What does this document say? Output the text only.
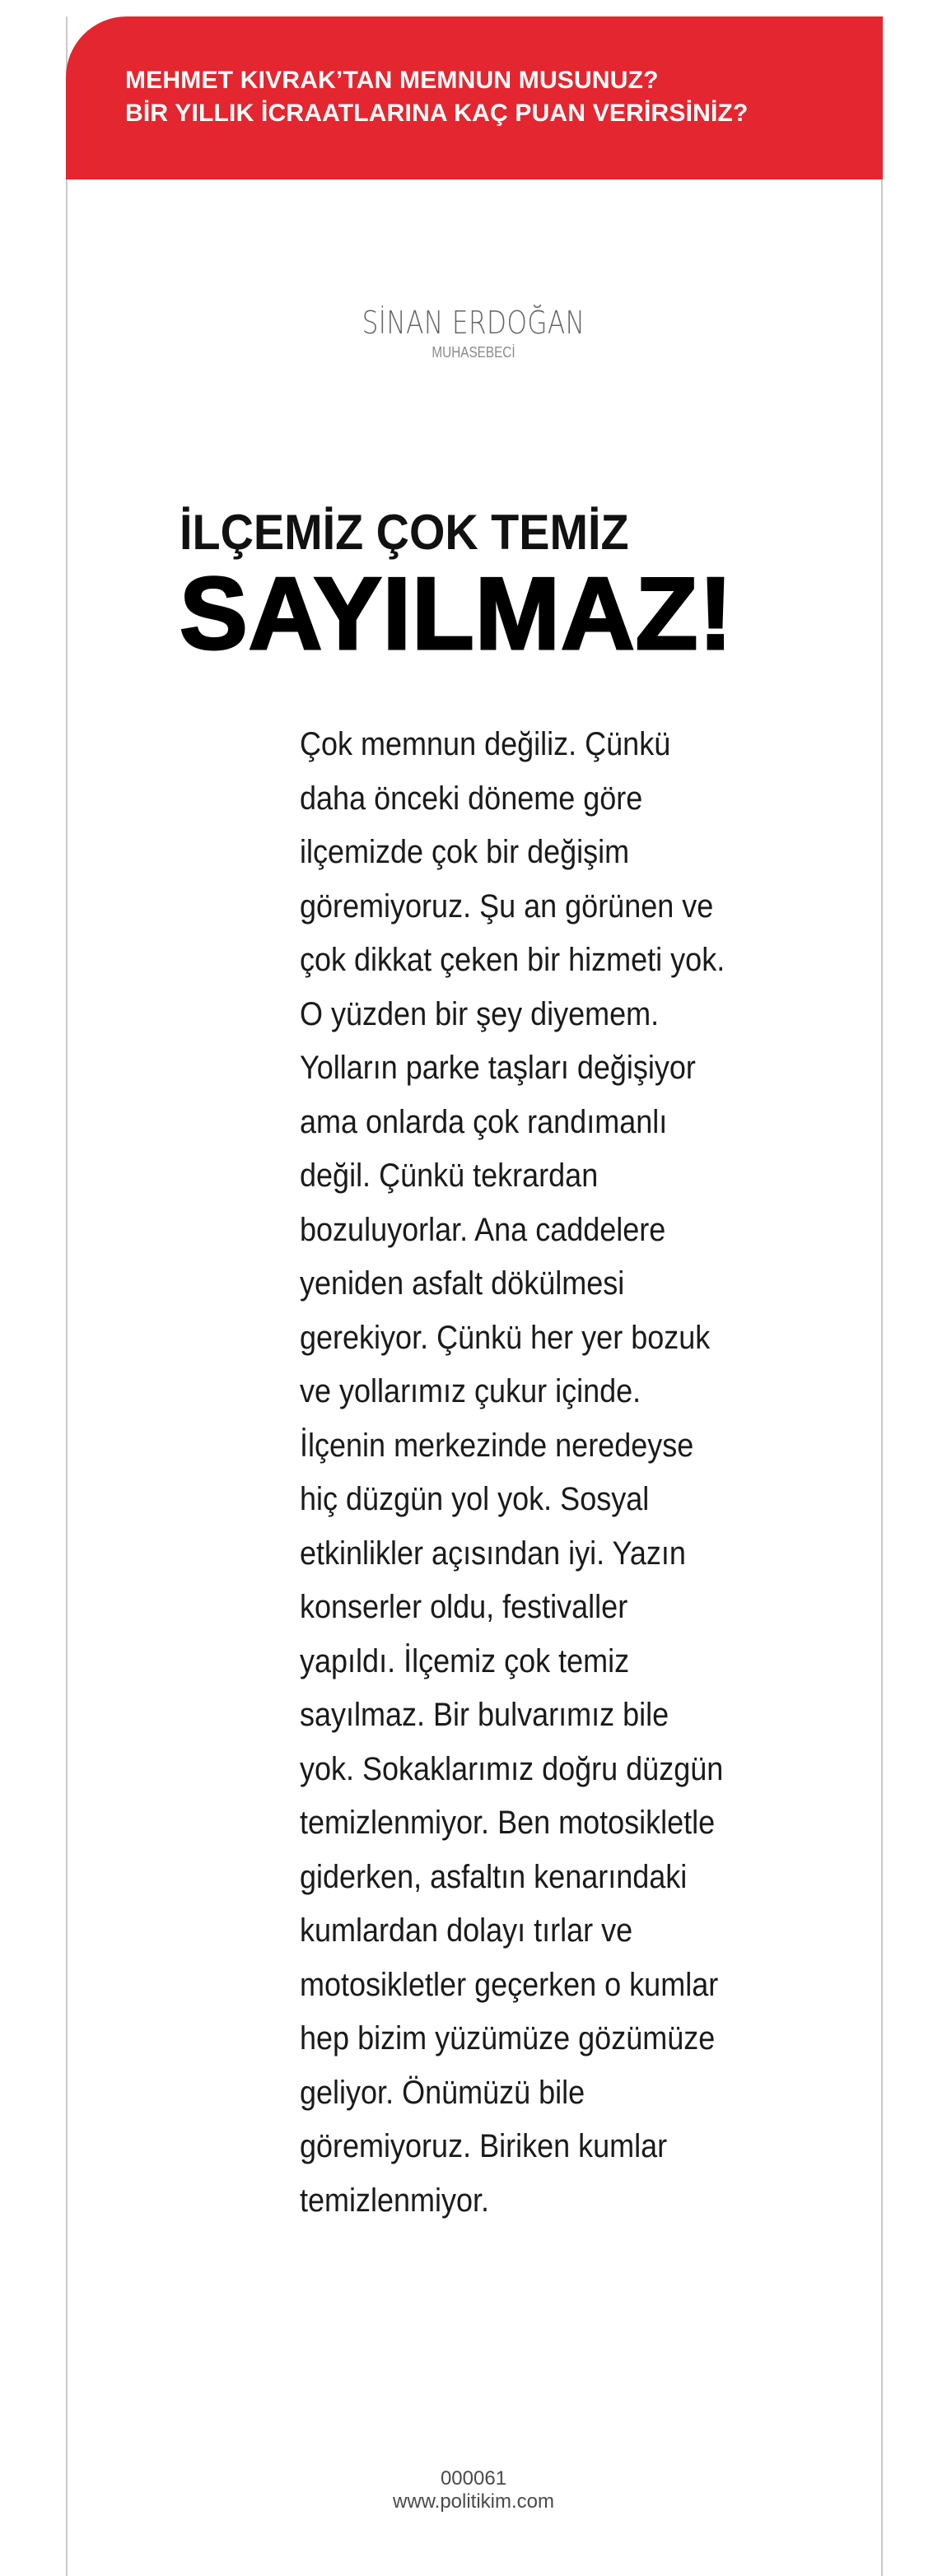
MEHMET KIVRAK’TAN MEMNUN MUSUNUZ?
BİR YILLIK İCRAATLARINA KAÇ PUAN VERİRSİNİZ?
SİNAN ERDOĞAN
MUHASEBECİ
İLÇEMİZ ÇOK TEMİZ
SAYILMAZ!
Çok memnun değiliz. Çünkü
daha önceki döneme göre
ilçemizde çok bir değişim
göremiyoruz. Şu an görünen ve
çok dikkat çeken bir hizmeti yok.
O yüzden bir şey diyemem.
Yolların parke taşları değişiyor
ama onlarda çok randımanlı
değil. Çünkü tekrardan
bozuluyorlar. Ana caddelere
yeniden asfalt dökülmesi
gerekiyor. Çünkü her yer bozuk
ve yollarımız çukur içinde.
İlçenin merkezinde neredeyse
hiç düzgün yol yok. Sosyal
etkinlikler açısından iyi. Yazın
konserler oldu, festivaller
yapıldı. İlçemiz çok temiz
sayılmaz. Bir bulvarımız bile
yok. Sokaklarımız doğru düzgün
temizlenmiyor. Ben motosikletle
giderken, asfaltın kenarındaki
kumlardan dolayı tırlar ve
motosikletler geçerken o kumlar
hep bizim yüzümüze gözümüze
geliyor. Önümüzü bile
göremiyoruz. Biriken kumlar
temizlenmiyor.
000061
www.politikim.com
